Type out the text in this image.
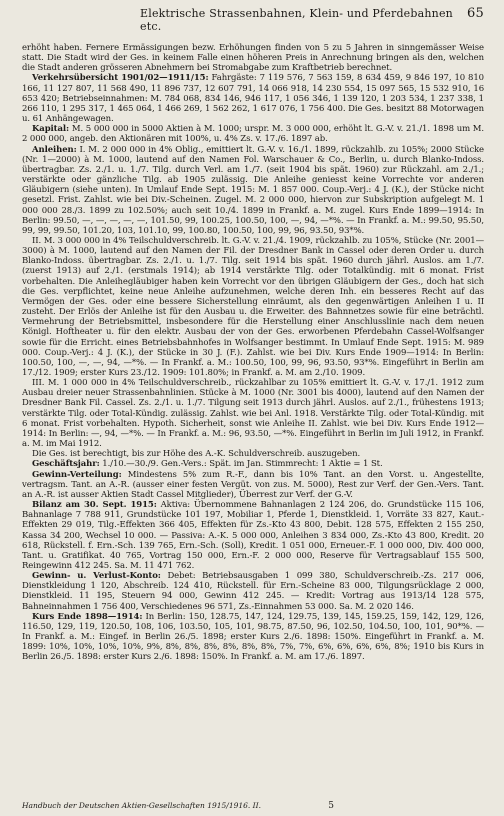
Elektrische Strassenbahnen, Klein- und Pferdebahnen etc.
65

erhöht haben. Fernere Ermässigungen bezw. Erhöhungen finden von 5 zu 5 Jahren in sinngemässer Weise statt. Die Stadt wird der Ges. in keinem Falle einen höheren Preis in Anrechnung bringen als den, welchen die Stadt anderen grösseren Abnehmern bei Stromabgabe zum Kraftbetrieb berechnet.

Verkehrsübersicht 1901/02—1911/15: Fahrgäste: 7 119 576, 7 563 159, 8 634 459, 9 846 197, 10 810 166, 11 127 807, 11 568 490, 11 896 737, 12 607 791, 14 066 918, 14 230 554, 15 097 565, 15 532 910, 16 653 420; Betriebseinnahmen: M. 784 068, 834 146, 946 117, 1 056 346, 1 139 120, 1 203 534, 1 237 338, 1 266 110, 1 295 317, 1 465 064, 1 466 269, 1 562 262, 1 617 076, 1 756 400. Die Ges. besitzt 88 Motorwagen u. 61 Anhängewagen.

Kapital: M. 5 000 000 in 5000 Aktien à M. 1000; urspr. M. 3 000 000, erhöht lt. G.-V. v. 21./1. 1898 um M. 2 000 000, angeb. den Aktionären mit 100%, u. 4% Zs. v. 17./6. 1897 ab.

Anleihen: I. M. 2 000 000 in 4% Oblig., emittiert lt. G.-V. v. 16./1. 1899, rückzahlb. zu 105%; 2000 Stücke (Nr. 1—2000) à M. 1000, lautend auf den Namen Fol. Warschauer & Co., Berlin, u. durch Blanko-Indoss. übertragbar. Zs. 2./1. u. 1./7. Tilg. durch Verl. am 1./7. (seit 1904 bis spät. 1960) zur Rückzahl. am 2./1.; verstärkte oder gänzliche Tilg. ab 1905 zulässig. Die Anleihe geniesst keine Vorrechte vor anderen Gläubigern (siehe unten). In Umlauf Ende Sept. 1915: M. 1 857 000. Coup.-Verj.: 4 J. (K.), der Stücke nicht gesetzl. Frist. Zahlst. wie bei Div.-Scheinen. Zugel. M. 2 000 000, hiervon zur Subskription aufgelegt M. 1 000 000 28./3. 1899 zu 102.50%; auch seit 10./4. 1899 in Frankf. a. M. zugel. Kurs Ende 1899—1914: In Berlin: 99.50, —, —, —, —, —, 101.50, 99, 100.25, 100.50, 100, —, 94, —*%. — In Frankf. a. M.: 99.50, 95.50, 99, 99, 99.50, 101.20, 103, 101.10, 99, 100.80, 100.50, 100, 99, 96, 93.50, 93*%.

II. M. 3 000 000 in 4% Teilschuldverschreib. lt. G.-V. v. 21./4. 1909, rückzahlb. zu 105%, Stücke (Nr. 2001—3000) à M. 1000, lautend auf den Namen der Fil. der Dresdner Bank in Cassel oder deren Order u. durch Blanko-Indoss. übertragbar. Zs. 2./1. u. 1./7. Tilg. seit 1914 bis spät. 1960 durch jährl. Auslos. am 1./7. (zuerst 1913) auf 2./1. (erstmals 1914); ab 1914 verstärkte Tilg. oder Totalkündig. mit 6 monat. Frist vorbehalten. Die Anleihegläubiger haben kein Vorrecht vor den übrigen Gläubigern der Ges., doch hat sich die Ges. verpflichtet, keine neue Anleihe aufzunehmen, welche deren Inh. ein besseres Recht auf das Vermögen der Ges. oder eine bessere Sicherstellung einräumt, als den gegenwärtigen Anleihen I u. II zusteht. Der Erlös der Anleihe ist für den Ausbau u. die Erweiter. des Bahnnetzes sowie für eine beträchtl. Vermehrung der Betriebsmittel, insbesondere für die Herstellung einer Anschlusslinie nach dem neuen Königl. Hoftheater u. für den elektr. Ausbau der von der Ges. erworbenen Pferdebahn Cassel-Wolfsanger sowie für die Erricht. eines Betriebsbahnhofes in Wolfsanger bestimmt. In Umlauf Ende Sept. 1915: M. 989 000. Coup.-Verj.: 4 J. (K.), der Stücke in 30 J. (F.). Zahlst. wie bei Div. Kurs Ende 1909—1914: In Berlin: 100.50, 100, —, —, 94, —*%. — In Frankf. a. M.: 100.50, 100, 99, 96, 93.50, 93*%. Eingeführt in Berlin am 17./12. 1909; erster Kurs 23./12. 1909: 101.80%; in Frankf. a. M. am 2./10. 1909.

III. M. 1 000 000 in 4% Teilschuldverschreib., rückzahlbar zu 105% emittiert lt. G.-V. v. 17./1. 1912 zum Ausbau dreier neuer Strassenbahnlinien. Stücke à M. 1000 (Nr. 3001 bis 4000), lautend auf den Namen der Dresdner Bank Fil. Cassel. Zs. 2./1. u. 1./7. Tilgung seit 1913 durch jährl. Auslos. auf 2./1., frühestens 1913; verstärkte Tilg. oder Total-Kündig. zulässig. Zahlst. wie bei Anl. 1918. Verstärkte Tilg. oder Total-Kündig. mit 6 monat. Frist vorbehalten. Hypoth. Sicherheit, sonst wie Anleihe II. Zahlst. wie bei Div. Kurs Ende 1912—1914: In Berlin: —, 94, —*%. — In Frankf. a. M.: 96, 93.50, —*%. Eingeführt in Berlin im Juli 1912, in Frankf. a. M. im Mai 1912.

Die Ges. ist berechtigt, bis zur Höhe des A.-K. Schuldverschreib. auszugeben.

Geschäftsjahr: 1./10.—30./9. Gen.-Vers.: Spät. im Jan. Stimmrecht: 1 Aktie = 1 St.

Gewinn-Verteilung: Mindestens 5% zum R.-F., dann bis 10% Tant. an den Vorst. u. Angestellte, vertragsm. Tant. an A.-R. (ausser einer festen Vergüt. von zus. M. 5000), Rest zur Verf. der Gen.-Vers. Tant. an A.-R. ist ausser Aktien Stadt Cassel Mitglieder), Überrest zur Verf. der G.-V.

Bilanz am 30. Sept. 1915: Aktiva: Übernommene Bahnanlagen 2 124 206, do. Grundstücke 115 106, Bahnanlage 7 788 911, Grundstücke 101 197, Mobiliar 1, Pferde 1, Dienstkleid. 1, Vorräte 33 827, Kaut.-Effekten 29 019, Tilg.-Effekten 366 405, Effekten für Zs.-Kto 43 800, Debit. 128 575, Effekten 2 155 250, Kassa 34 200, Wechsel 10 000. — Passiva: A.-K. 5 000 000, Anleihen 3 834 000, Zs.-Kto 43 800, Kredit. 20 618, Rückstell. f. Ern.-Sch. 139 765, Ern.-Sch. (Soll), Kredit. 1 051 000, Erneuer.-F. 1 000 000, Div. 400 000, Tant. u. Gratifikat. 40 765, Vortrag 150 000, Ern.-F. 2 000 000, Reserve für Vertragsablauf 155 500, Reingewinn 412 245. Sa. M. 11 471 762.

Gewinn- u. Verlust-Konto: Debet: Betriebsausgaben 1 099 380, Schuldverschreib.-Zs. 217 006, Dienstkleidung 1 120, Abschreib. 124 410, Rückstell. für Ern.-Scheine 83 000, Tilgungsrücklage 2 000, Dienstkleid. 11 195, Steuern 94 000, Gewinn 412 245. — Kredit: Vortrag aus 1913/14 128 575, Bahneinnahmen 1 756 400, Verschiedenes 96 571, Zs.-Einnahmen 53 000. Sa. M. 2 020 146.

Kurs Ende 1898—1914: In Berlin: 150, 128.75, 147, 124, 129.75, 139, 145, 159.25, 159, 142, 129, 126, 116.50, 129, 119, 120.50, 108, 106, 103.50, 105, 101, 98.75, 87.50, 96, 102.50, 104.50, 100, 101, 90*%. — In Frankf. a. M.: Eingef. in Berlin 26./5. 1898; erster Kurs 2./6. 1898: 150%. Eingeführt in Frankf. a. M. 1899: 10%, 10%, 10%, 10%, 9%, 8%, 8%, 8%, 8%, 8%, 8%, 7%, 7%, 6%, 6%, 6%, 6%, 8%; 1910 bis Kurs in Berlin 26./5. 1898: erster Kurs 2./6. 1898: 150%. In Frankf. a. M. am 17./6. 1897.

Handbuch der Deutschen Aktien-Gesellschaften 1915/1916. II.	5
